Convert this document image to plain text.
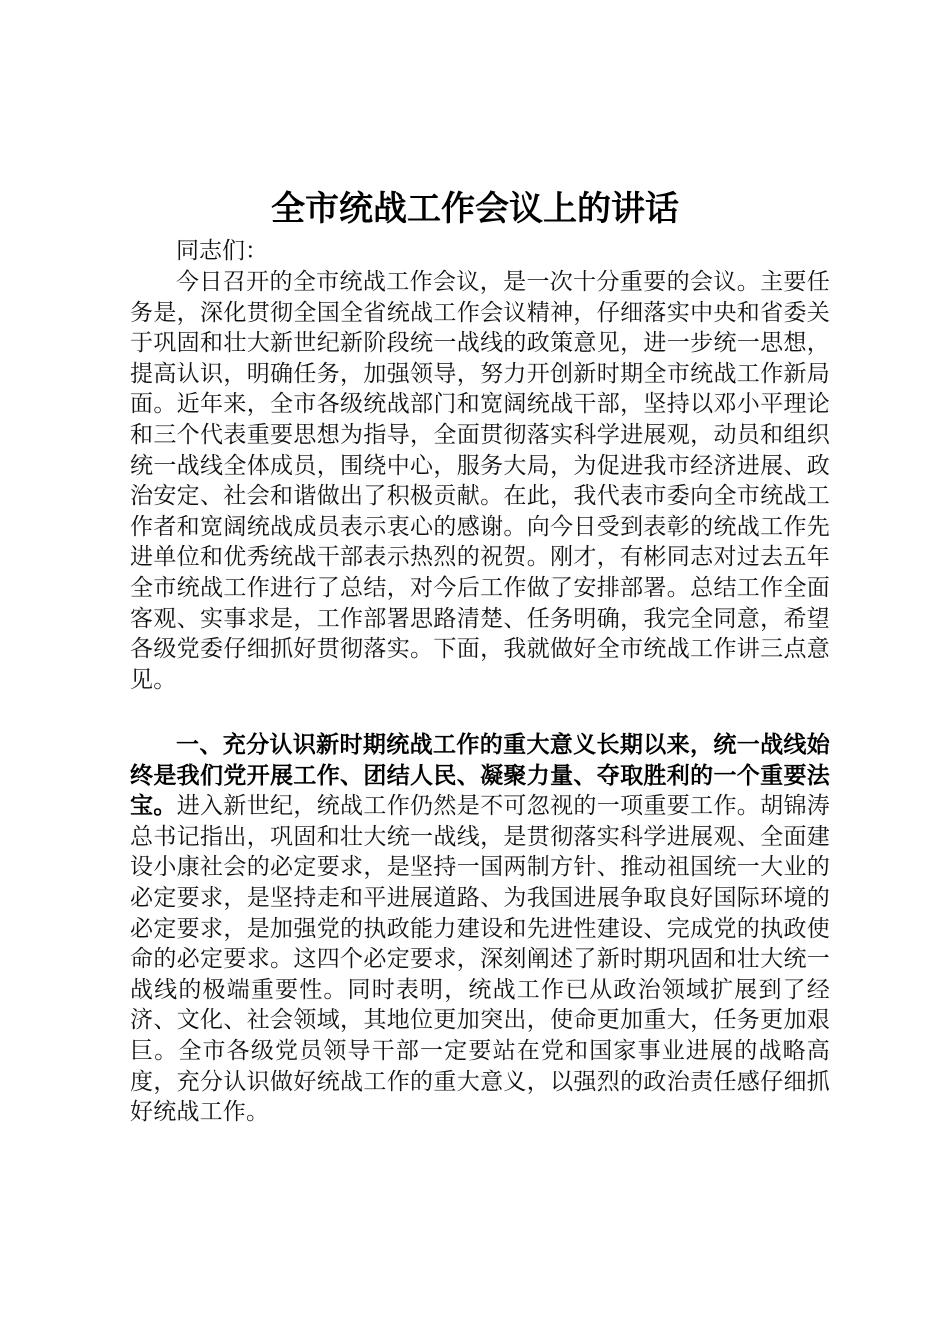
全市统战工作会议上的讲话
同志们：
今日召开的全市统战工作会议，是一次十分重要的会议。主要任务是，深化贯彻全国全省统战工作会议精神，仔细落实中央和省委关于巩固和壮大新世纪新阶段统一战线的政策意见，进一步统一思想，提高认识，明确任务，加强领导，努力开创新时期全市统战工作新局面。近年来，全市各级统战部门和宽阔统战干部，坚持以邓小平理论和三个代表重要思想为指导，全面贯彻落实科学进展观，动员和组织统一战线全体成员，围绕中心，服务大局，为促进我市经济进展、政治安定、社会和谐做出了积极贡献。在此，我代表市委向全市统战工作者和宽阔统战成员表示衷心的感谢。向今日受到表彰的统战工作先进单位和优秀统战干部表示热烈的祝贺。刚才，有彬同志对过去五年全市统战工作进行了总结，对今后工作做了安排部署。总结工作全面客观、实事求是，工作部署思路清楚、任务明确，我完全同意，希望各级党委仔细抓好贯彻落实。下面，我就做好全市统战工作讲三点意见。
一、充分认识新时期统战工作的重大意义长期以来，统一战线始终是我们党开展工作、团结人民、凝聚力量、夺取胜利的一个重要法宝。进入新世纪，统战工作仍然是不可忽视的一项重要工作。胡锦涛总书记指出，巩固和壮大统一战线，是贯彻落实科学进展观、全面建设小康社会的必定要求，是坚持一国两制方针、推动祖国统一大业的必定要求，是坚持走和平进展道路、为我国进展争取良好国际环境的必定要求，是加强党的执政能力建设和先进性建设、完成党的执政使命的必定要求。这四个必定要求，深刻阐述了新时期巩固和壮大统一战线的极端重要性。同时表明，统战工作已从政治领域扩展到了经济、文化、社会领域，其地位更加突出，使命更加重大，任务更加艰巨。全市各级党员领导干部一定要站在党和国家事业进展的战略高度，充分认识做好统战工作的重大意义，以强烈的政治责任感仔细抓好统战工作。
